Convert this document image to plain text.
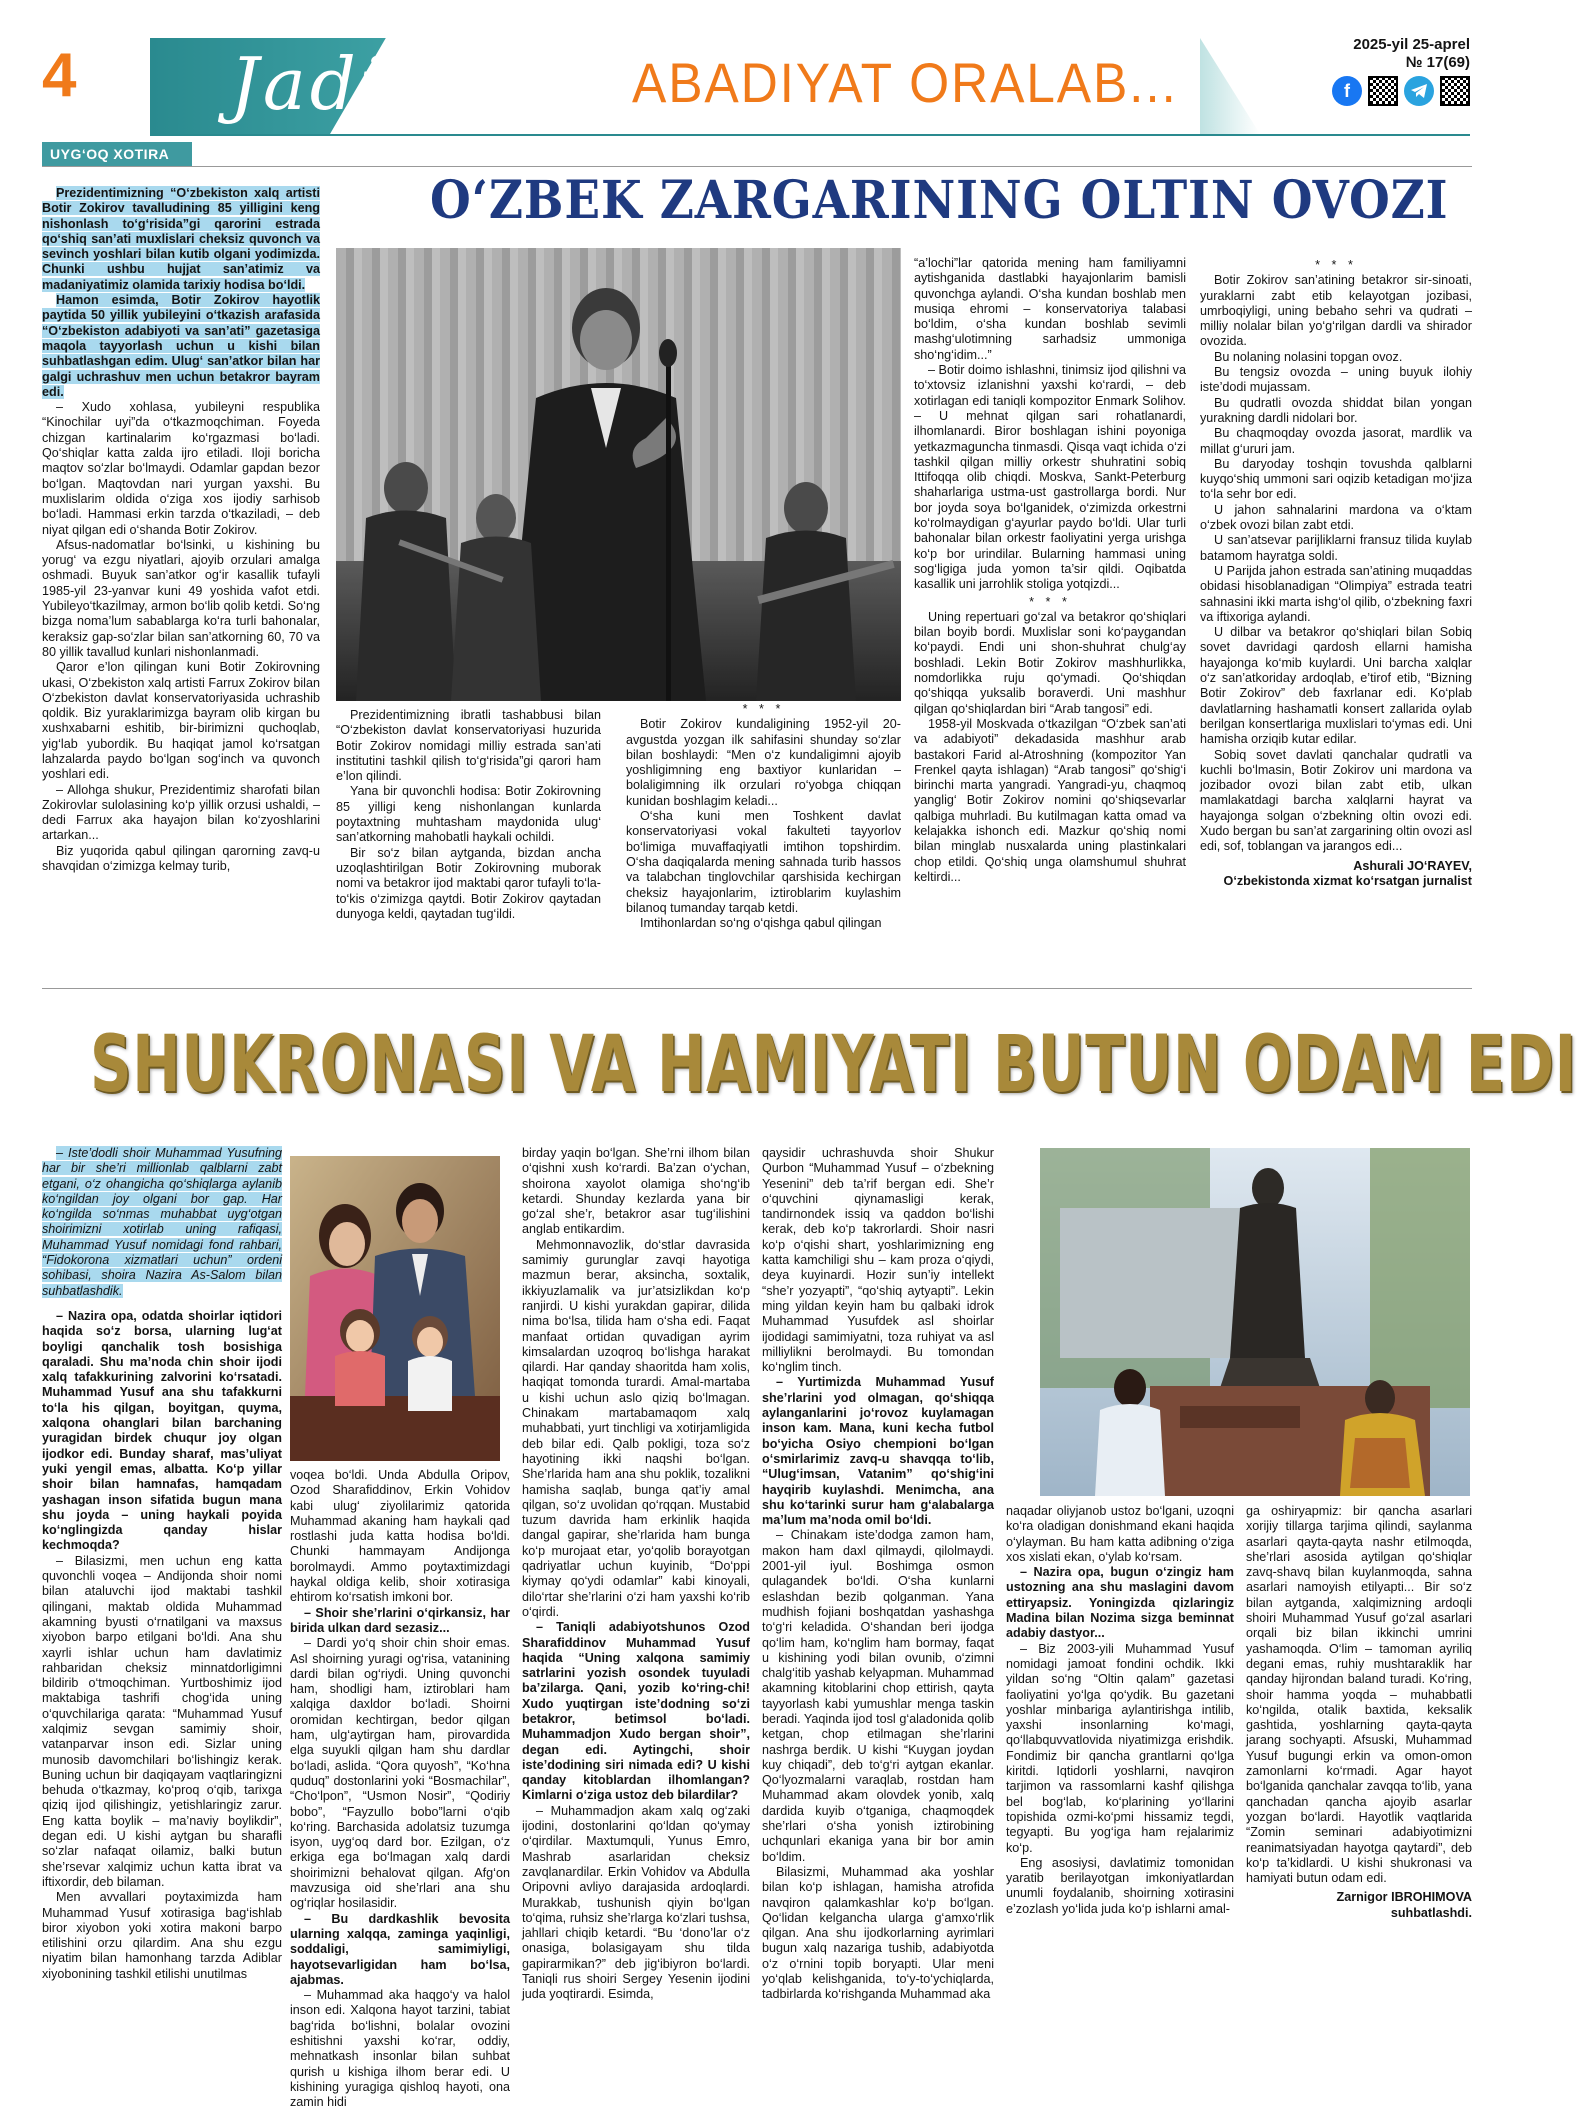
4 Jadid	ABADIYAT ORALAB...
2025-yil 25-aprel
№ 17(69)
f
UYG‘OQ XOTIRA
O‘ZBEK ZARGARINING OLTIN OVOZI

Prezidentimizning “O‘zbekiston xalq artisti Botir Zokirov tavalludining 85 yilligini keng nishonlash to‘g‘risida”gi qarorini estrada qo‘shiq san’ati muxlislari cheksiz quvonch va sevinch yoshlari bilan kutib olgani yodimizda. Chunki ushbu hujjat san’atimiz va madaniyatimiz olamida tarixiy hodisa bo‘ldi.

Hamon esimda, Botir Zokirov hayotlik paytida 50 yillik yubileyini o‘tkazish arafasida “O‘zbekiston adabiyoti va san’ati” gazetasiga maqola tayyorlash uchun u kishi bilan suhbatlashgan edim. Ulug‘ san’atkor bilan har galgi uchrashuv men uchun betakror bayram edi.

– Xudo xohlasa, yubileyni respublika “Kinochilar uyi”da o‘tkazmoqchiman. Foyeda chizgan kartinalarim ko‘rgazmasi bo‘ladi. Qo‘shiqlar katta zalda ijro etiladi. Iloji boricha maqtov so‘zlar bo‘lmaydi. Odamlar gapdan bezor bo‘lgan. Maqtovdan nari yurgan yaxshi. Bu muxlislarim oldida o‘ziga xos ijodiy sarhisob bo‘ladi. Hammasi erkin tarzda o‘tkaziladi, – deb niyat qilgan edi o‘shanda Botir Zokirov.

Afsus-nadomatlar bo‘lsinki, u kishining bu yorug‘ va ezgu niyatlari, ajoyib orzulari amalga oshmadi. Buyuk san’atkor og‘ir kasallik tufayli 1985-yil 23-yanvar kuni 49 yoshida vafot etdi. Yubileyo‘tkazilmay, armon bo‘lib qolib ketdi. So‘ng bizga noma’lum sabablarga ko‘ra turli bahonalar, keraksiz gap-so‘zlar bilan san’atkorning 60, 70 va 80 yillik tavallud kunlari nishonlanmadi.

Qaror e’lon qilingan kuni Botir Zokirovning ukasi, O‘zbekiston xalq artisti Farrux Zokirov bilan O‘zbekiston davlat konservatoriyasida uchrashib qoldik. Biz yuraklarimizga bayram olib kirgan bu xushxabarni eshitib, bir-birimizni quchoqlab, yig‘lab yubordik. Bu haqiqat jamol ko‘rsatgan lahzalarda paydo bo‘lgan sog‘inch va quvonch yoshlari edi.

– Allohga shukur, Prezidentimiz sharofati bilan Zokirovlar sulolasining ko‘p yillik orzusi ushaldi, – dedi Farrux aka hayajon bilan ko‘zyoshlarini artarkan...

Biz yuqorida qabul qilingan qarorning zavq-u shavqidan o‘zimizga kelmay turib,

Prezidentimizning ibratli tashabbusi bilan “O‘zbekiston davlat konservatoriyasi huzurida Botir Zokirov nomidagi milliy estrada san’ati institutini tashkil qilish to‘g‘risida”gi qarori ham e’lon qilindi.

Yana bir quvonchli hodisa: Botir Zokirovning 85 yilligi keng nishonlangan kunlarda poytaxtning muhtasham maydonida ulug‘ san’atkorning mahobatli haykali ochildi.

Bir so‘z bilan aytganda, bizdan ancha uzoqlashtirilgan Botir Zokirovning muborak nomi va betakror ijod maktabi qaror tufayli to‘la-to‘kis o‘zimizga qaytdi. Botir Zokirov qaytadan dunyoga keldi, qaytadan tug‘ildi.

* * *

Botir Zokirov kundaligining 1952-yil 20-avgustda yozgan ilk sahifasini shunday so‘zlar bilan boshlaydi: “Men o‘z kundaligimni ajoyib yoshligimning eng baxtiyor kunlaridan – bolaligimning ilk orzulari ro‘yobga chiqqan kunidan boshlagim keladi...

O‘sha kuni men Toshkent davlat konservatoriyasi vokal fakulteti tayyorlov bo‘limiga muvaffaqiyatli imtihon topshirdim. O‘sha daqiqalarda mening sahnada turib hassos va talabchan tinglovchilar qarshisida kechirgan cheksiz hayajonlarim, iztiroblarim kuylashim bilanoq tumanday tarqab ketdi.

Imtihonlardan so‘ng o‘qishga qabul qilingan

“a’lochi”lar qatorida mening ham familiyamni aytishganida dastlabki hayajonlarim bamisli quvonchga aylandi. O‘sha kundan boshlab men musiqa ehromi – konservatoriya talabasi bo‘ldim, o‘sha kundan boshlab sevimli mashg‘ulotimning sarhadsiz ummoniga sho‘ng‘idim...”

– Botir doimo ishlashni, tinimsiz ijod qilishni va to‘xtovsiz izlanishni yaxshi ko‘rardi, – deb xotirlagan edi taniqli kompozitor Enmark Solihov. – U mehnat qilgan sari rohatlanardi, ilhomlanardi. Biror boshlagan ishini poyoniga yetkazmaguncha tinmasdi. Qisqa vaqt ichida o‘zi tashkil qilgan milliy orkestr shuhratini sobiq Ittifoqqa olib chiqdi. Moskva, Sankt-Peterburg shaharlariga ustma-ust gastrollarga bordi. Nur bor joyda soya bo‘lganidek, o‘zimizda orkestrni ko‘rolmaydigan g‘ayurlar paydo bo‘ldi. Ular turli bahonalar bilan orkestr faoliyatini yerga urishga ko‘p bor urindilar. Bularning hammasi uning sog‘ligiga juda yomon ta’sir qildi. Oqibatda kasallik uni jarrohlik stoliga yotqizdi...

* * *

Uning repertuari go‘zal va betakror qo‘shiqlari bilan boyib bordi. Muxlislar soni ko‘paygandan ko‘paydi. Endi uni shon-shuhrat chulg‘ay boshladi. Lekin Botir Zokirov mashhurlikka, nomdorlikka ruju qo‘ymadi. Qo‘shiqdan qo‘shiqqa yuksalib boraverdi. Uni mashhur qilgan qo‘shiqlardan biri “Arab tangosi” edi.

1958-yil Moskvada o‘tkazilgan “O‘zbek san’ati va adabiyoti” dekadasida mashhur arab bastakori Farid al-Atroshning (kompozitor Yan Frenkel qayta ishlagan) “Arab tangosi” qo‘shig‘i birinchi marta yangradi. Yangradi-yu, chaqmoq yanglig‘ Botir Zokirov nomini qo‘shiqsevarlar qalbiga muhrladi. Bu kutilmagan katta omad va kelajakka ishonch edi. Mazkur qo‘shiq nomi bilan minglab nusxalarda uning plastinkalari chop etildi. Qo‘shiq unga olamshumul shuhrat keltirdi...

* * *

Botir Zokirov san’atining betakror sir-sinoati, yuraklarni zabt etib kelayotgan jozibasi, umrboqiyligi, uning bebaho sehri va qudrati – milliy nolalar bilan yo‘g‘rilgan dardli va shirador ovozida.

Bu nolaning nolasini topgan ovoz.

Bu tengsiz ovozda – uning buyuk ilohiy iste’dodi mujassam.

Bu qudratli ovozda shiddat bilan yongan yurakning dardli nidolari bor.

Bu chaqmoqday ovozda jasorat, mardlik va millat g‘ururi jam.

Bu daryoday toshqin tovushda qalblarni kuyqo‘shiq ummoni sari oqizib ketadigan mo‘jiza to‘la sehr bor edi.

U jahon sahnalarini mardona va o‘ktam o‘zbek ovozi bilan zabt etdi.

U san’atsevar parijliklarni fransuz tilida kuylab batamom hayratga soldi.

U Parijda jahon estrada san’atining muqaddas obidasi hisoblanadigan “Olimpiya” estrada teatri sahnasini ikki marta ishg‘ol qilib, o‘zbekning faxri va iftixoriga aylandi.

U dilbar va betakror qo‘shiqlari bilan Sobiq sovet davridagi qardosh ellarni hamisha hayajonga ko‘mib kuylardi. Uni barcha xalqlar o‘z san’atkoriday ardoqlab, e’tirof etib, “Bizning Botir Zokirov” deb faxrlanar edi. Ko‘plab davlatlarning hashamatli konsert zallarida oylab berilgan konsertlariga muxlislari to‘ymas edi. Uni hamisha orziqib kutar edilar.

Sobiq sovet davlati qanchalar qudratli va kuchli bo‘lmasin, Botir Zokirov uni mardona va jozibador ovozi bilan zabt etib, ulkan mamlakatdagi barcha xalqlarni hayrat va hayajonga solgan o‘zbekning oltin ovozi edi. Xudo bergan bu san’at zargarining oltin ovozi asl edi, sof, toblangan va jarangos edi...

Ashurali JO‘RAYEV,

O‘zbekistonda xizmat ko‘rsatgan jurnalist

SHUKRONASI VA HAMIYATI BUTUN ODAM EDI

– Iste’dodli shoir Muhammad Yusufning har bir she’ri millionlab qalblarni zabt etgani, o‘z ohangicha qo‘shiqlarga aylanib ko‘ngildan joy olgani bor gap. Har ko‘ngilda so‘nmas muhabbat uyg‘otgan shoirimizni xotirlab uning rafiqasi, Muhammad Yusuf nomidagi fond rahbari, “Fidokorona xizmatlari uchun” ordeni sohibasi, shoira Nazira As-Salom bilan suhbatlashdik.

– Nazira opa, odatda shoirlar iqtidori haqida so‘z borsa, ularning lug‘at boyligi qanchalik tosh bosishiga qaraladi. Shu ma’noda chin shoir ijodi xalq tafakkurining zalvorini ko‘rsatadi. Muhammad Yusuf ana shu tafakkurni to‘la his qilgan, boyitgan, quyma, xalqona ohanglari bilan barchaning yuragidan birdek chuqur joy olgan ijodkor edi. Bunday sharaf, mas’uliyat yuki yengil emas, albatta. Ko‘p yillar shoir bilan hamnafas, hamqadam yashagan inson sifatida bugun mana shu joyda – uning haykali poyida ko‘nglingizda qanday hislar kechmoqda?

– Bilasizmi, men uchun eng katta quvonchli voqea – Andijonda shoir nomi bilan ataluvchi ijod maktabi tashkil qilingani, maktab oldida Muhammad akamning byusti o‘rnatilgani va maxsus xiyobon barpo etilgani bo‘ldi. Ana shu xayrli ishlar uchun ham davlatimiz rahbaridan cheksiz minnatdorligimni bildirib o‘tmoqchiman. Yurtboshimiz ijod maktabiga tashrifi chog‘ida uning o‘quvchilariga qarata: “Muhammad Yusuf xalqimiz sevgan samimiy shoir, vatanparvar inson edi. Sizlar uning munosib davomchilari bo‘lishingiz kerak. Buning uchun bir daqiqayam vaqtlaringizni behuda o‘tkazmay, ko‘proq o‘qib, tarixga qiziq ijod qilishingiz, yetishlaringiz zarur. Eng katta boylik – ma’naviy boylikdir”, degan edi. U kishi aytgan bu sharafli so‘zlar nafaqat oilamiz, balki butun she’rsevar xalqimiz uchun katta ibrat va iftixordir, deb bilaman.

Men avvallari poytaximizda ham Muhammad Yusuf xotirasiga bag‘ishlab biror xiyobon yoki xotira makoni barpo etilishini orzu qilardim. Ana shu ezgu niyatim bilan hamonhang tarzda Adiblar xiyobonining tashkil etilishi unutilmas

voqea bo‘ldi. Unda Abdulla Oripov, Ozod Sharafiddinov, Erkin Vohidov kabi ulug‘ ziyolilarimiz qatorida Muhammad akaning ham haykali qad rostlashi juda katta hodisa bo‘ldi. Chunki hammayam Andijonga borolmaydi. Ammo poytaxtimizdagi haykal oldiga kelib, shoir xotirasiga ehtirom ko‘rsatish imkoni bor.

– Shoir she’rlarini o‘qirkansiz, har birida ulkan dard sezasiz...

– Dardi yo‘q shoir chin shoir emas. Asl shoirning yuragi og‘risa, vatanining dardi bilan og‘riydi. Uning quvonchi ham, shodligi ham, iztiroblari ham xalqiga daxldor bo‘ladi. Shoirni oromidan kechtirgan, bedor qilgan ham, ulg‘aytirgan ham, pirovardida elga suyukli qilgan ham shu dardlar bo‘ladi, aslida. “Qora quyosh”, “Ko‘hna quduq” dostonlarini yoki “Bosmachilar”, “Cho‘lpon”, “Usmon Nosir”, “Qodiriy bobo”, “Fayzullo bobo”larni o‘qib ko‘ring. Barchasida adolatsiz tuzumga isyon, uyg‘oq dard bor. Ezilgan, o‘z erkiga ega bo‘lmagan xalq dardi shoirimizni behalovat qilgan. Afg‘on mavzusiga oid she’rlari ana shu og‘riqlar hosilasidir.

– Bu dardkashlik bevosita ularning xalqqa, zaminga yaqinligi, soddaligi, samimiyligi, hayotsevarligidan ham bo‘lsa, ajabmas.

– Muhammad aka haqgo‘y va halol inson edi. Xalqona hayot tarzini, tabiat bag‘rida bo‘lishni, bolalar ovozini eshitishni yaxshi ko‘rar, oddiy, mehnatkash insonlar bilan suhbat qurish u kishiga ilhom berar edi. U kishining yuragiga qishloq hayoti, ona zamin hidi

birday yaqin bo‘lgan. She’rni ilhom bilan o‘qishni xush ko‘rardi. Ba’zan o‘ychan, shoirona xayolot olamiga sho‘ng‘ib ketardi. Shunday kezlarda yana bir go‘zal she’r, betakror asar tug‘ilishini anglab entikardim.

Mehmonnavozlik, do‘stlar davrasida samimiy gurunglar zavqi hayotiga mazmun berar, aksincha, soxtalik, ikkiyuzlamalik va jur’atsizlikdan ko‘p ranjirdi. U kishi yurakdan gapirar, dilida nima bo‘lsa, tilida ham o‘sha edi. Faqat manfaat ortidan quvadigan ayrim kimsalardan uzoqroq bo‘lishga harakat qilardi. Har qanday shaoritda ham xolis, haqiqat tomonda turardi. Amal-martaba u kishi uchun aslo qiziq bo‘lmagan. Chinakam martabamaqom xalq muhabbati, yurt tinchligi va xotirjamligida deb bilar edi. Qalb pokligi, toza so‘z hayotining ikki naqshi bo‘lgan. She’rlarida ham ana shu poklik, tozalikni hamisha saqlab, bunga qat’iy amal qilgan, so‘z uvolidan qo‘rqqan. Mustabid tuzum davrida ham erkinlik haqida dangal gapirar, she’rlarida ham bunga ko‘p murojaat etar, yo‘qolib borayotgan qadriyatlar uchun kuyinib, “Do‘ppi kiymay qo‘ydi odamlar” kabi kinoyali, dilo‘rtar she’rlarini o‘zi ham yaxshi ko‘rib o‘qirdi.

– Taniqli adabiyotshunos Ozod Sharafiddinov Muhammad Yusuf haqida “Uning xalqona samimiy satrlarini yozish osondek tuyuladi ba’zilarga. Qani, yozib ko‘ring-chi! Xudo yuqtirgan iste’dodning so‘zi betakror, betimsol bo‘ladi. Muhammadjon Xudo bergan shoir”, degan edi. Aytingchi, shoir iste’dodining siri nimada edi? U kishi qanday kitoblardan ilhomlangan? Kimlarni o‘ziga ustoz deb bilardilar?

– Muhammadjon akam xalq og‘zaki ijodini, dostonlarini qo‘ldan qo‘ymay o‘qirdilar. Maxtumquli, Yunus Emro, Mashrab asarlaridan cheksiz zavqlanardilar. Erkin Vohidov va Abdulla Oripovni avliyo darajasida ardoqlardi. Murakkab, tushunish qiyin bo‘lgan to‘qima, ruhsiz she’rlarga ko‘zlari tushsa, jahllari chiqib ketardi. “Bu ‘dono’lar o‘z onasiga, bolasigayam shu tilda gapirarmikan?” deb jig‘ibiyron bo‘lardi. Taniqli rus shoiri Sergey Yesenin ijodini juda yoqtirardi. Esimda,

qaysidir uchrashuvda shoir Shukur Qurbon “Muhammad Yusuf – o‘zbekning Yesenini” deb ta’rif bergan edi. She’r o‘quvchini qiynamasligi kerak, tandirnondek issiq va qaddon bo‘lishi kerak, deb ko‘p takrorlardi. Shoir nasri ko‘p o‘qishi shart, yoshlarimizning eng katta kamchiligi shu – kam proza o‘qiydi, deya kuyinardi. Hozir sun’iy intellekt “she’r yozyapti”, “qo‘shiq aytyapti”. Lekin ming yildan keyin ham bu qalbaki idrok Muhammad Yusufdek asl shoirlar ijodidagi samimiyatni, toza ruhiyat va asl milliylikni berolmaydi. Bu tomondan ko‘nglim tinch.

– Yurtimizda Muhammad Yusuf she’rlarini yod olmagan, qo‘shiqqa aylanganlarini jo‘rovoz kuylamagan inson kam. Mana, kuni kecha futbol bo‘yicha Osiyo chempioni bo‘lgan o‘smirlarimiz zavq-u shavqqa to‘lib, “Ulug‘imsan, Vatanim” qo‘shig‘ini hayqirib kuylashdi. Menimcha, ana shu ko‘tarinki surur ham g‘alabalarga ma’lum ma’noda omil bo‘ldi.

– Chinakam iste’dodga zamon ham, makon ham daxl qilmaydi, qilolmaydi. 2001-yil iyul. Boshimga osmon qulagandek bo‘ldi. O‘sha kunlarni eslashdan bezib qolganman. Yana mudhish fojiani boshqatdan yashashga to‘g‘ri keladida. O‘shandan beri ijodga qo‘lim ham, ko‘nglim ham bormay, faqat u kishining yodi bilan ovunib, o‘zimni chalg‘itib yashab kelyapman. Muhammad akamning kitoblarini chop ettirish, qayta tayyorlash kabi yumushlar menga taskin beradi. Yaqinda ijod tosl g‘aladonida qolib ketgan, chop etilmagan she’rlarini nashrga berdik. U kishi “Kuygan joydan kuy chiqadi”, deb to‘g‘ri aytgan ekanlar. Qo‘lyozmalarni varaqlab, rostdan ham Muhammad akam olovdek yonib, xalq dardida kuyib o‘tganiga, chaqmoqdek she’rlari o‘sha yonish iztirobining uchqunlari ekaniga yana bir bor amin bo‘ldim.

Bilasizmi, Muhammad aka yoshlar bilan ko‘p ishlagan, hamisha atrofida navqiron qalamkashlar ko‘p bo‘lgan. Qo‘lidan kelgancha ularga g‘amxo‘rlik qilgan. Ana shu ijodkorlarning ayrimlari bugun xalq nazariga tushib, adabiyotda o‘z o‘rnini topib boryapti. Ular meni yo‘qlab kelishganida, to‘y-to‘ychiqlarda, tadbirlarda ko‘rishganda Muhammad aka

naqadar oliyjanob ustoz bo‘lgani, uzoqni ko‘ra oladigan donishmand ekani haqida o‘ylayman. Bu ham katta adibning o‘ziga xos xislati ekan, o‘ylab ko‘rsam.

– Nazira opa, bugun o‘zingiz ham ustozning ana shu maslagini davom ettiryapsiz. Yoningizda qizlaringiz Madina bilan Nozima sizga beminnat adabiy dastyor...

– Biz 2003-yili Muhammad Yusuf nomidagi jamoat fondini ochdik. Ikki yildan so‘ng “Oltin qalam” gazetasi faoliyatini yo‘lga qo‘ydik. Bu gazetani yoshlar minbariga aylantirishga intilib, yaxshi insonlarning ko‘magi, qo‘llabquvvatlovida niyatimizga erishdik. Fondimiz bir qancha grantlarni qo‘lga kiritdi. Iqtidorli yoshlarni, navqiron tarjimon va rassomlarni kashf qilishga bel bog‘lab, ko‘plarining yo‘llarini topishida ozmi-ko‘pmi hissamiz tegdi, tegyapti. Bu yog‘iga ham rejalarimiz ko‘p.

Eng asosiysi, davlatimiz tomonidan yaratib berilayotgan imkoniyatlardan unumli foydalanib, shoirning xotirasini e’zozlash yo‘lida juda ko‘p ishlarni amal-

ga oshiryapmiz: bir qancha asarlari xorijiy tillarga tarjima qilindi, saylanma asarlari qayta-qayta nashr etilmoqda, she’rlari asosida aytilgan qo‘shiqlar zavq-shavq bilan kuylanmoqda, sahna asarlari namoyish etilyapti... Bir so‘z bilan aytganda, xalqimizning ardoqli shoiri Muhammad Yusuf go‘zal asarlari orqali biz bilan ikkinchi umrini yashamoqda. O‘lim – tamoman ayriliq degani emas, ruhiy mushtaraklik har qanday hijrondan baland turadi. Ko‘ring, shoir hamma yoqda – muhabbatli ko‘ngilda, otalik baxtida, keksalik gashtida, yoshlarning qayta-qayta jarang sochyapti. Afsuski, Muhammad Yusuf bugungi erkin va omon-omon zamonlarni ko‘rmadi. Agar hayot bo‘lganida qanchalar zavqqa to‘lib, yana qanchadan qancha ajoyib asarlar yozgan bo‘lardi. Hayotlik vaqtlarida “Zomin seminari adabiyotimizni reanimatsiyadan hayotga qaytardi”, deb ko‘p ta’kidlardi. U kishi shukronasi va hamiyati butun odam edi.

Zarnigor IBROHIMOVA

suhbatlashdi.
